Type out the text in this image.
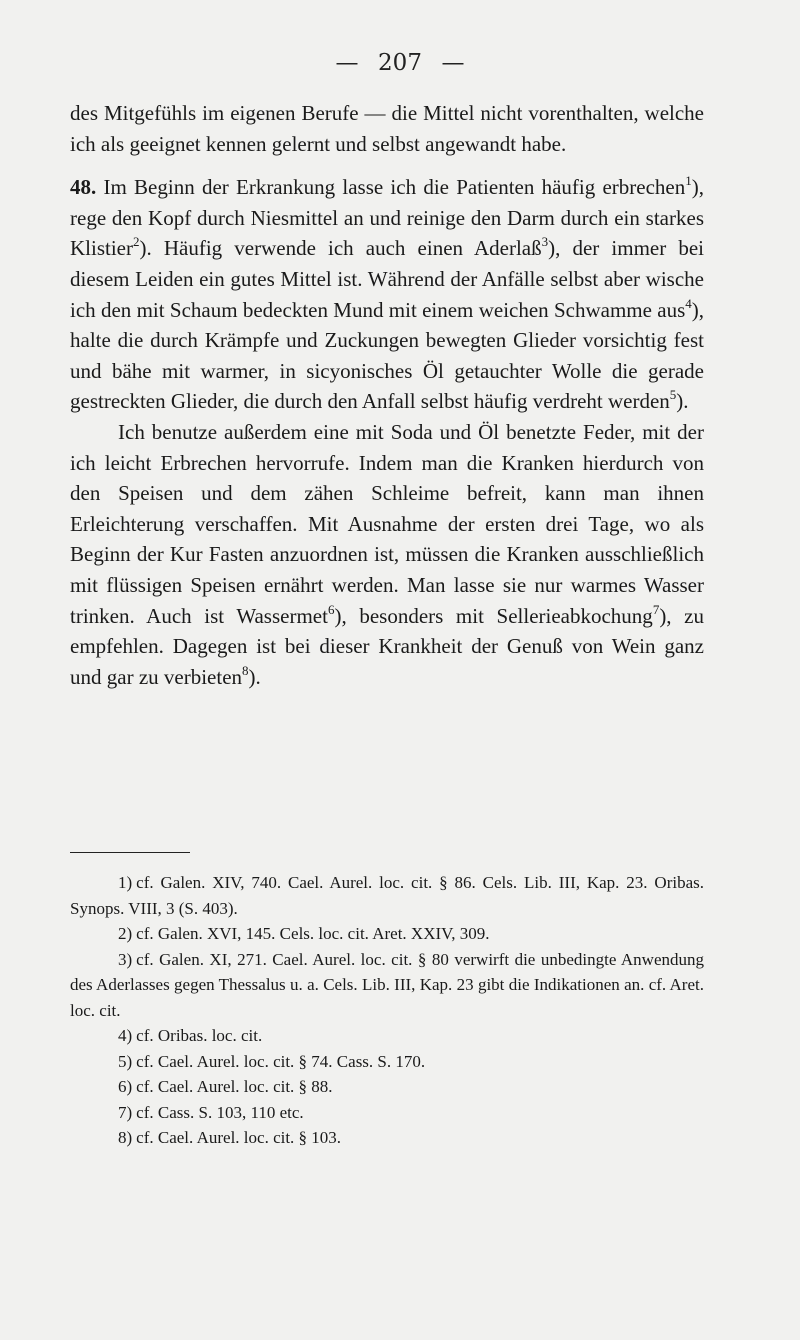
— 207 —

des Mitgefühls im eigenen Berufe — die Mittel nicht vorenthalten, welche ich als geeignet kennen gelernt und selbst angewandt habe.

48. Im Beginn der Erkrankung lasse ich die Patienten häufig erbrechen$^1$), rege den Kopf durch Niesmittel an und reinige den Darm durch ein starkes Klistier$^2$). Häufig verwende ich auch einen Aderlaß$^3$), der immer bei diesem Leiden ein gutes Mittel ist. Während der Anfälle selbst aber wische ich den mit Schaum bedeckten Mund mit einem weichen Schwamme aus$^4$), halte die durch Krämpfe und Zuckungen bewegten Glieder vorsichtig fest und bähe mit warmer, in sicyonisches Öl getauchter Wolle die gerade gestreckten Glieder, die durch den Anfall selbst häufig verdreht werden$^5$).

Ich benutze außerdem eine mit Soda und Öl benetzte Feder, mit der ich leicht Erbrechen hervorrufe. Indem man die Kranken hierdurch von den Speisen und dem zähen Schleime befreit, kann man ihnen Erleichterung verschaffen. Mit Ausnahme der ersten drei Tage, wo als Beginn der Kur Fasten anzuordnen ist, müssen die Kranken ausschließlich mit flüssigen Speisen ernährt werden. Man lasse sie nur warmes Wasser trinken. Auch ist Wassermet$^6$), besonders mit Sellerieabkochung$^7$), zu empfehlen. Dagegen ist bei dieser Krankheit der Genuß von Wein ganz und gar zu verbieten$^8$).

1) cf. Galen. XIV, 740. Cael. Aurel. loc. cit. § 86. Cels. Lib. III, Kap. 23. Oribas. Synops. VIII, 3 (S. 403).

2) cf. Galen. XVI, 145. Cels. loc. cit. Aret. XXIV, 309.

3) cf. Galen. XI, 271. Cael. Aurel. loc. cit. § 80 verwirft die unbedingte Anwendung des Aderlasses gegen Thessalus u. a. Cels. Lib. III, Kap. 23 gibt die Indikationen an. cf. Aret. loc. cit.

4) cf. Oribas. loc. cit.

5) cf. Cael. Aurel. loc. cit. § 74. Cass. S. 170.

6) cf. Cael. Aurel. loc. cit. § 88.

7) cf. Cass. S. 103, 110 etc.

8) cf. Cael. Aurel. loc. cit. § 103.
